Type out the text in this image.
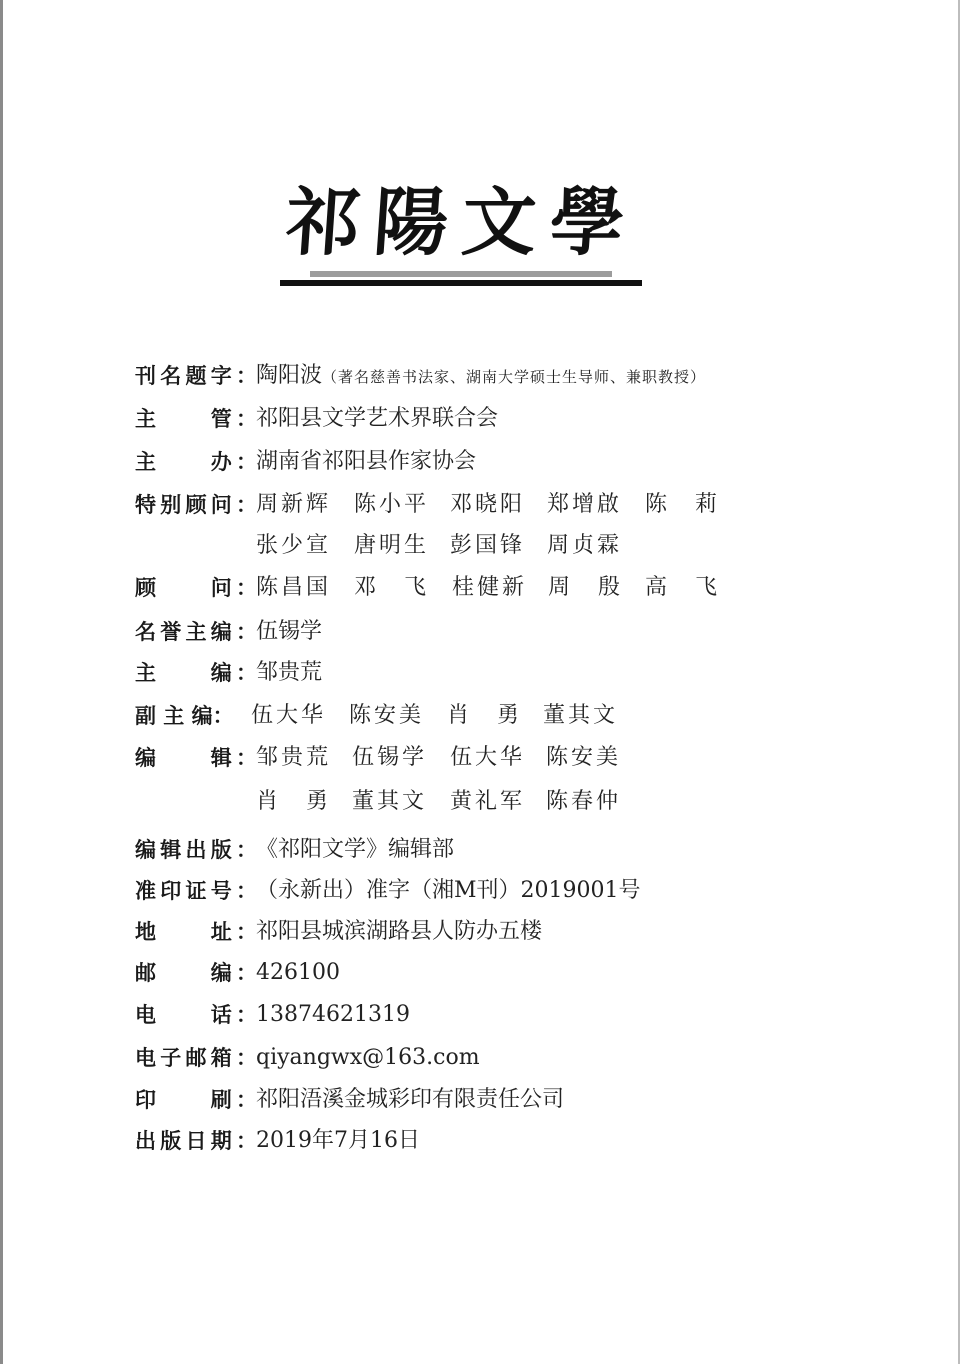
祁陽文學
刊名题字： 陶阳波（著名慈善书法家、湖南大学硕士生导师、兼职教授）
主　　管： 祁阳县文学艺术界联合会
主　　办： 湖南省祁阳县作家协会
特别顾问： 周新辉 陈小平 邓晓阳 郑增啟 陈　莉
张少宣 唐明生 彭国锋 周贞霖
顾　　问： 陈昌国 邓　飞 桂健新 周　殷 高　飞
名誉主编： 伍锡学
主　　编： 邹贵荒
副 主 编： 伍大华 陈安美 肖　勇 董其文
编　　辑： 邹贵荒 伍锡学 伍大华 陈安美
肖　勇 董其文 黄礼军 陈春仲
编辑出版： 《祁阳文学》编辑部
准印证号： （永新出）准字（湘M刊）2019001号
地　　址： 祁阳县城滨湖路县人防办五楼
邮　　编： 426100
电　　话： 13874621319
电子邮箱： qiyangwx@163.com
印　　刷： 祁阳浯溪金城彩印有限责任公司
出版日期： 2019年7月16日
